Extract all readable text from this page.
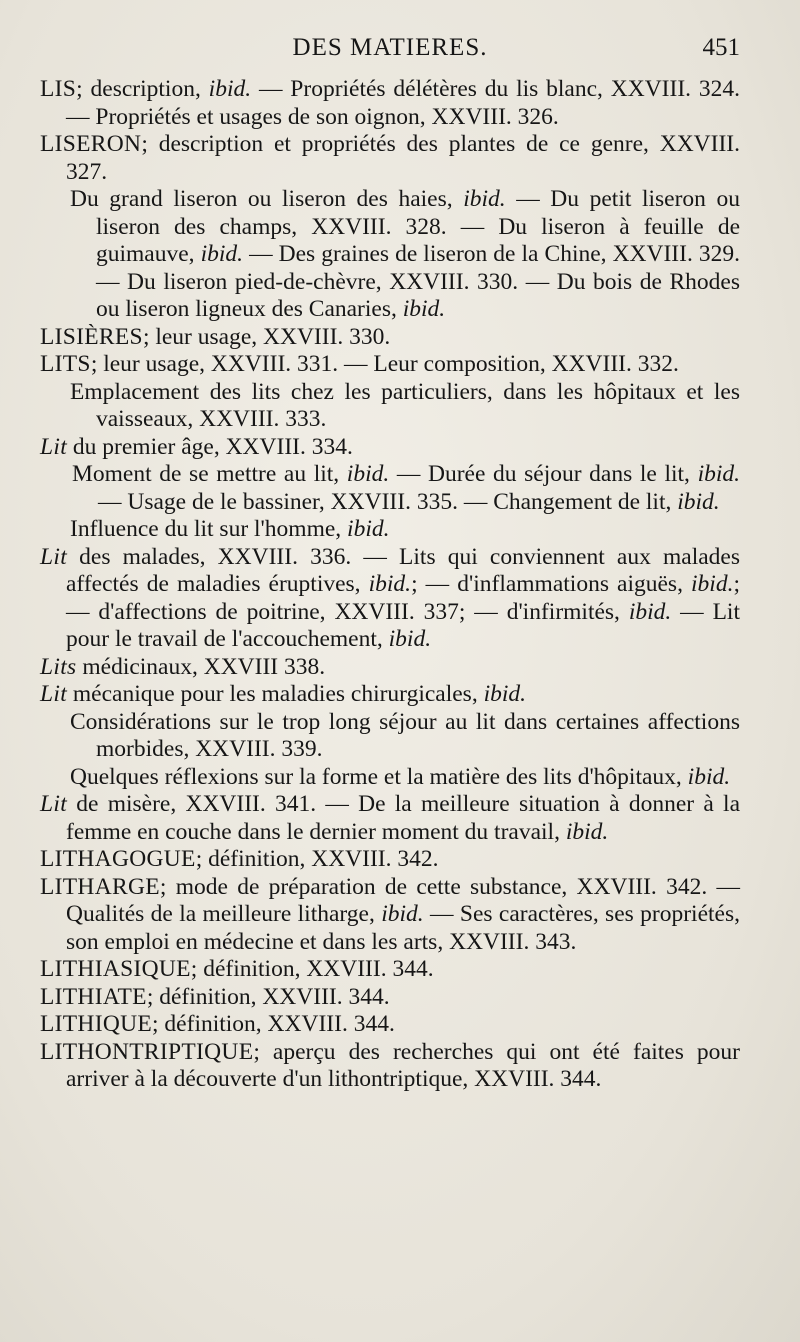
DES MATIERES.	451

LIS; description, ibid. — Propriétés délétères du lis blanc, XXVIII. 324. — Propriétés et usages de son oignon, XXVIII. 326.

LISERON; description et propriétés des plantes de ce genre, XXVIII. 327.

Du grand liseron ou liseron des haies, ibid. — Du petit liseron ou liseron des champs, XXVIII. 328. — Du liseron à feuille de guimauve, ibid. — Des graines de liseron de la Chine, XXVIII. 329. — Du liseron pied-de-chèvre, XXVIII. 330. — Du bois de Rhodes ou liseron ligneux des Canaries, ibid.

LISIÈRES; leur usage, XXVIII. 330.

LITS; leur usage, XXVIII. 331. — Leur composition, XXVIII. 332.

Emplacement des lits chez les particuliers, dans les hôpitaux et les vaisseaux, XXVIII. 333.

Lit du premier âge, XXVIII. 334.

Moment de se mettre au lit, ibid. — Durée du séjour dans le lit, ibid. — Usage de le bassiner, XXVIII. 335. — Changement de lit, ibid.

Influence du lit sur l'homme, ibid.

Lit des malades, XXVIII. 336. — Lits qui conviennent aux malades affectés de maladies éruptives, ibid.; — d'inflammations aiguës, ibid.; — d'affections de poitrine, XXVIII. 337; — d'infirmités, ibid. — Lit pour le travail de l'accouchement, ibid.

Lits médicinaux, XXVIII 338.

Lit mécanique pour les maladies chirurgicales, ibid.

Considérations sur le trop long séjour au lit dans certaines affections morbides, XXVIII. 339.

Quelques réflexions sur la forme et la matière des lits d'hôpitaux, ibid.

Lit de misère, XXVIII. 341. — De la meilleure situation à donner à la femme en couche dans le dernier moment du travail, ibid.

LITHAGOGUE; définition, XXVIII. 342.

LITHARGE; mode de préparation de cette substance, XXVIII. 342. — Qualités de la meilleure litharge, ibid. — Ses caractères, ses propriétés, son emploi en médecine et dans les arts, XXVIII. 343.

LITHIASIQUE; définition, XXVIII. 344.

LITHIATE; définition, XXVIII. 344.

LITHIQUE; définition, XXVIII. 344.

LITHONTRIPTIQUE; aperçu des recherches qui ont été faites pour arriver à la découverte d'un lithontriptique, XXVIII. 344.
